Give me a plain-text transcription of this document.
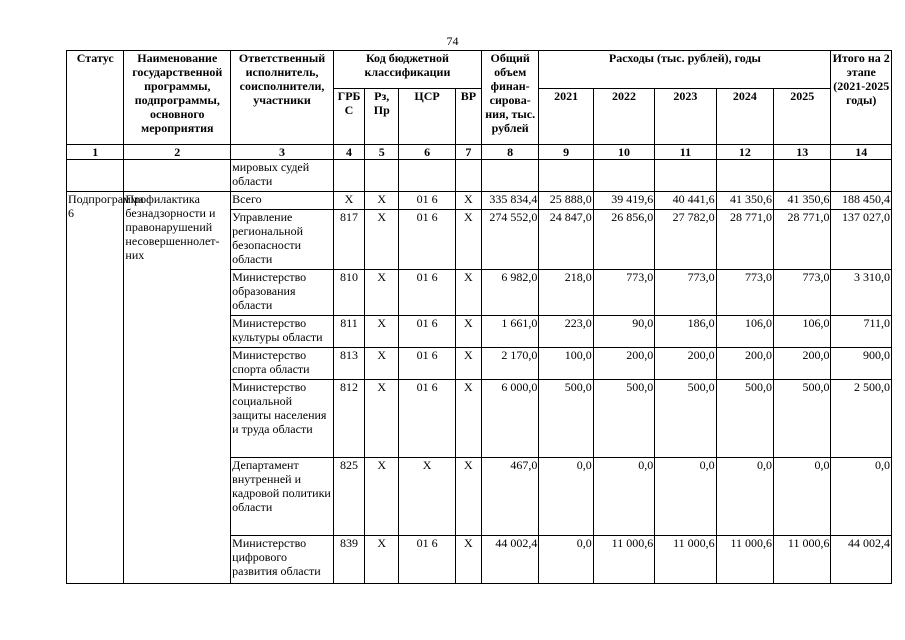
74
Статус	Наименование государственной программы, подпрограммы, основного мероприятия	Ответственный исполнитель, соисполнители, участники	Код бюджетной классификации				Общий объем финан-сирова-ния, тыс. рублей	Расходы (тыс. рублей), годы					Итого на 2 этапе (2021-2025 годы)
			ГРБ С	Рз, Пр	ЦСР	ВР		2021	2022	2023	2024	2025	
1	2	3	4	5	6	7	8	9	10	11	12	13	14
		мировых судей области											
Подпрограмма 6	Профилактика безнадзорности и правонарушений несовершеннолет-них	Всего	Х	Х	01 6	Х	335 834,4	25 888,0	39 419,6	40 441,6	41 350,6	41 350,6	188 450,4
		Управление региональной безопасности области	817	Х	01 6	Х	274 552,0	24 847,0	26 856,0	27 782,0	28 771,0	28 771,0	137 027,0
		Министерство образования области	810	Х	01 6	Х	6 982,0	218,0	773,0	773,0	773,0	773,0	3 310,0
		Министерство культуры области	811	Х	01 6	Х	1 661,0	223,0	90,0	186,0	106,0	106,0	711,0
		Министерство спорта области	813	Х	01 6	Х	2 170,0	100,0	200,0	200,0	200,0	200,0	900,0
		Министерство социальной защиты населения и труда области	812	Х	01 6	Х	6 000,0	500,0	500,0	500,0	500,0	500,0	2 500,0
		Департамент внутренней и кадровой политики области	825	Х	Х	Х	467,0	0,0	0,0	0,0	0,0	0,0	0,0
		Министерство цифрового развития области	839	Х	01 6	Х	44 002,4	0,0	11 000,6	11 000,6	11 000,6	11 000,6	44 002,4
